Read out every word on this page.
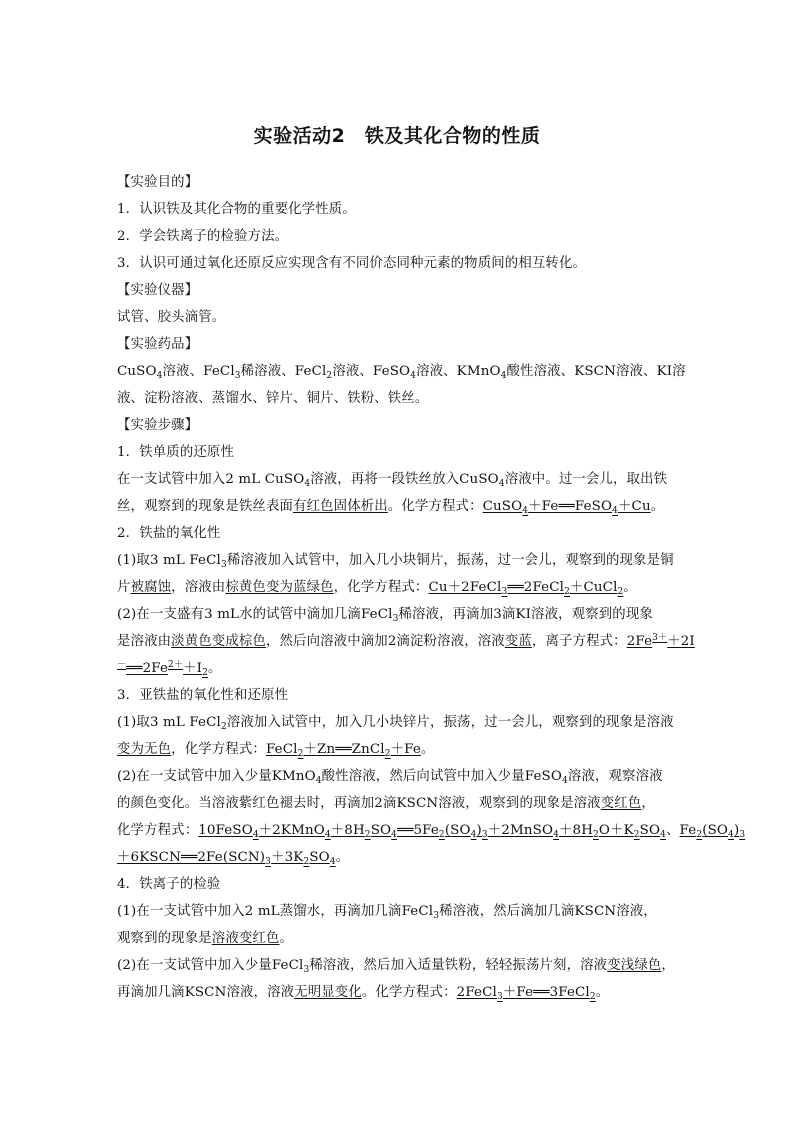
实验活动2　铁及其化合物的性质
【实验目的】
1．认识铁及其化合物的重要化学性质。
2．学会铁离子的检验方法。
3．认识可通过氧化还原反应实现含有不同价态同种元素的物质间的相互转化。
【实验仪器】
试管、胶头滴管。
【实验药品】
CuSO$_4$溶液、FeCl$_3$稀溶液、FeCl$_2$溶液、FeSO$_4$溶液、KMnO$_4$酸性溶液、KSCN溶液、KI溶
液、淀粉溶液、蒸馏水、锌片、铜片、铁粉、铁丝。
【实验步骤】
1．铁单质的还原性
在一支试管中加入2 mL CuSO$_4$溶液，再将一段铁丝放入CuSO$_4$溶液中。过一会儿，取出铁
丝，观察到的现象是铁丝表面有红色固体析出。化学方程式：CuSO$_4$＋Fe══FeSO$_4$＋Cu。
2．铁盐的氧化性
(1)取3 mL FeCl$_3$稀溶液加入试管中，加入几小块铜片，振荡，过一会儿，观察到的现象是铜
片被腐蚀，溶液由棕黄色变为蓝绿色，化学方程式：Cu＋2FeCl$_3$══2FeCl$_2$＋CuCl$_2$。
(2)在一支盛有3 mL水的试管中滴加几滴FeCl$_3$稀溶液，再滴加3滴KI溶液，观察到的现象
是溶液由淡黄色变成棕色，然后向溶液中滴加2滴淀粉溶液，溶液变蓝，离子方程式：$2Fe^{3+}+2I$
$^-══2Fe^{2+}+I_2$。
3．亚铁盐的氧化性和还原性
(1)取3 mL FeCl$_2$溶液加入试管中，加入几小块锌片，振荡，过一会儿，观察到的现象是溶液
变为无色，化学方程式：FeCl$_2$＋Zn══ZnCl$_2$＋Fe。
(2)在一支试管中加入少量KMnO$_4$酸性溶液，然后向试管中加入少量FeSO$_4$溶液，观察溶液
的颜色变化。当溶液紫红色褪去时，再滴加2滴KSCN溶液，观察到的现象是溶液变红色，
化学方程式：$10FeSO_4+2KMnO_4+8H_2SO_4══5Fe_2(SO_4)_3+2MnSO_4+8H_2O+K_2SO_4$、$Fe_2(SO_4)_3$
$+6KSCN══2Fe(SCN)_3+3K_2SO_4$。
4．铁离子的检验
(1)在一支试管中加入2 mL蒸馏水，再滴加几滴FeCl$_3$稀溶液，然后滴加几滴KSCN溶液，
观察到的现象是溶液变红色。
(2)在一支试管中加入少量FeCl$_3$稀溶液，然后加入适量铁粉，轻轻振荡片刻，溶液变浅绿色，
再滴加几滴KSCN溶液，溶液无明显变化。化学方程式：2FeCl$_3$＋Fe══3FeCl$_2$。
